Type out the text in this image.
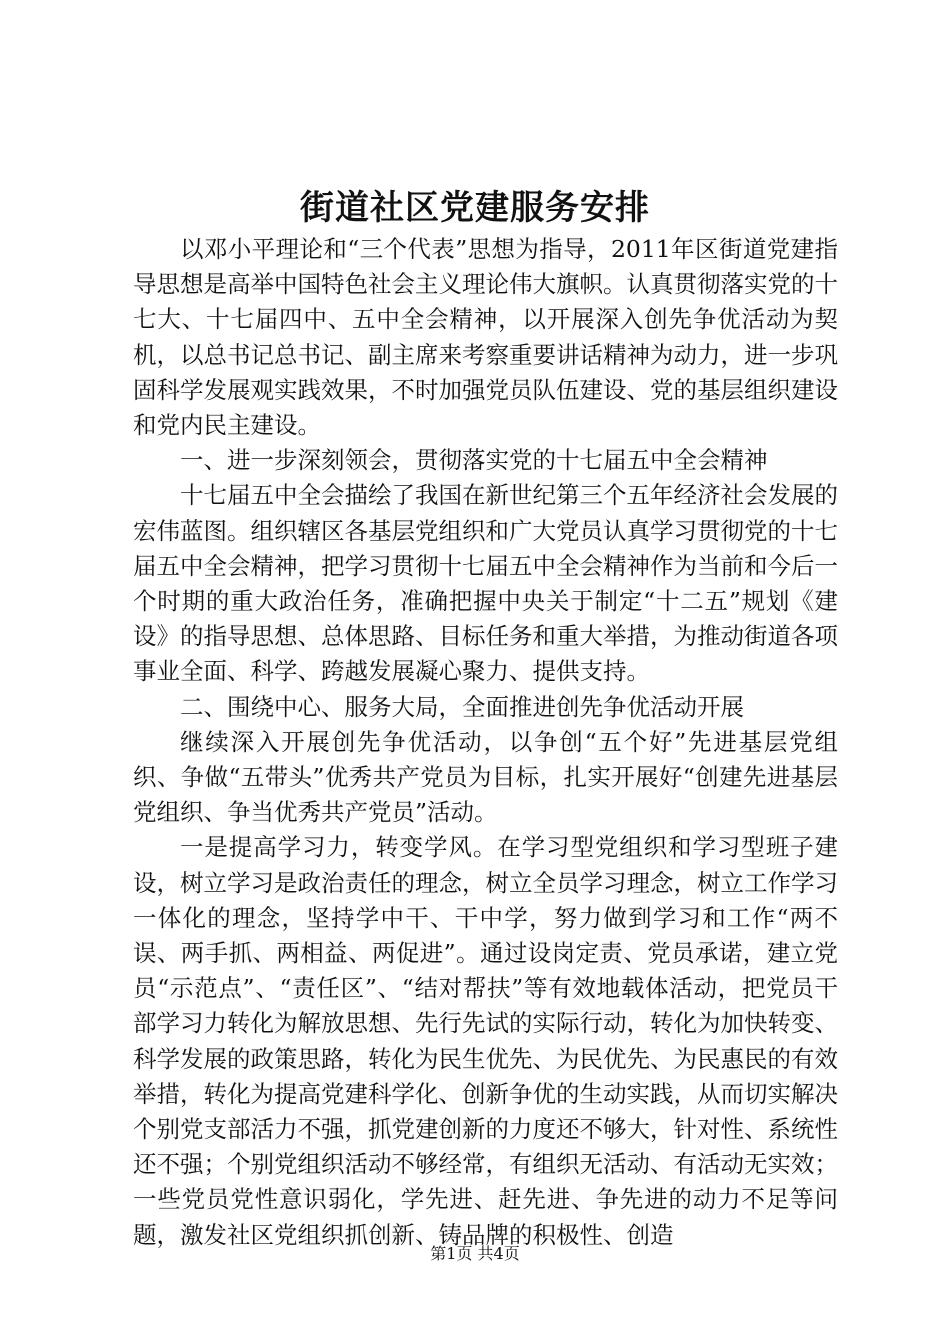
街道社区党建服务安排

以邓小平理论和“三个代表”思想为指导，2011年区街道党建指导思想是高举中国特色社会主义理论伟大旗帜。认真贯彻落实党的十七大、十七届四中、五中全会精神，以开展深入创先争优活动为契机，以总书记总书记、副主席来考察重要讲话精神为动力，进一步巩固科学发展观实践效果，不时加强党员队伍建设、党的基层组织建设和党内民主建设。

一、进一步深刻领会，贯彻落实党的十七届五中全会精神

十七届五中全会描绘了我国在新世纪第三个五年经济社会发展的宏伟蓝图。组织辖区各基层党组织和广大党员认真学习贯彻党的十七届五中全会精神，把学习贯彻十七届五中全会精神作为当前和今后一个时期的重大政治任务，准确把握中央关于制定“十二五”规划《建设》的指导思想、总体思路、目标任务和重大举措，为推动街道各项事业全面、科学、跨越发展凝心聚力、提供支持。

二、围绕中心、服务大局，全面推进创先争优活动开展

继续深入开展创先争优活动，以争创“五个好”先进基层党组织、争做“五带头”优秀共产党员为目标，扎实开展好“创建先进基层党组织、争当优秀共产党员”活动。

一是提高学习力，转变学风。在学习型党组织和学习型班子建设，树立学习是政治责任的理念，树立全员学习理念，树立工作学习一体化的理念，坚持学中干、干中学，努力做到学习和工作“两不误、两手抓、两相益、两促进”。通过设岗定责、党员承诺，建立党员“示范点”、“责任区”、“结对帮扶”等有效地载体活动，把党员干部学习力转化为解放思想、先行先试的实际行动，转化为加快转变、科学发展的政策思路，转化为民生优先、为民优先、为民惠民的有效举措，转化为提高党建科学化、创新争优的生动实践，从而切实解决个别党支部活力不强，抓党建创新的力度还不够大，针对性、系统性还不强；个别党组织活动不够经常，有组织无活动、有活动无实效；一些党员党性意识弱化，学先进、赶先进、争先进的动力不足等问题，激发社区党组织抓创新、铸品牌的积极性、创造

第1页 共4页
